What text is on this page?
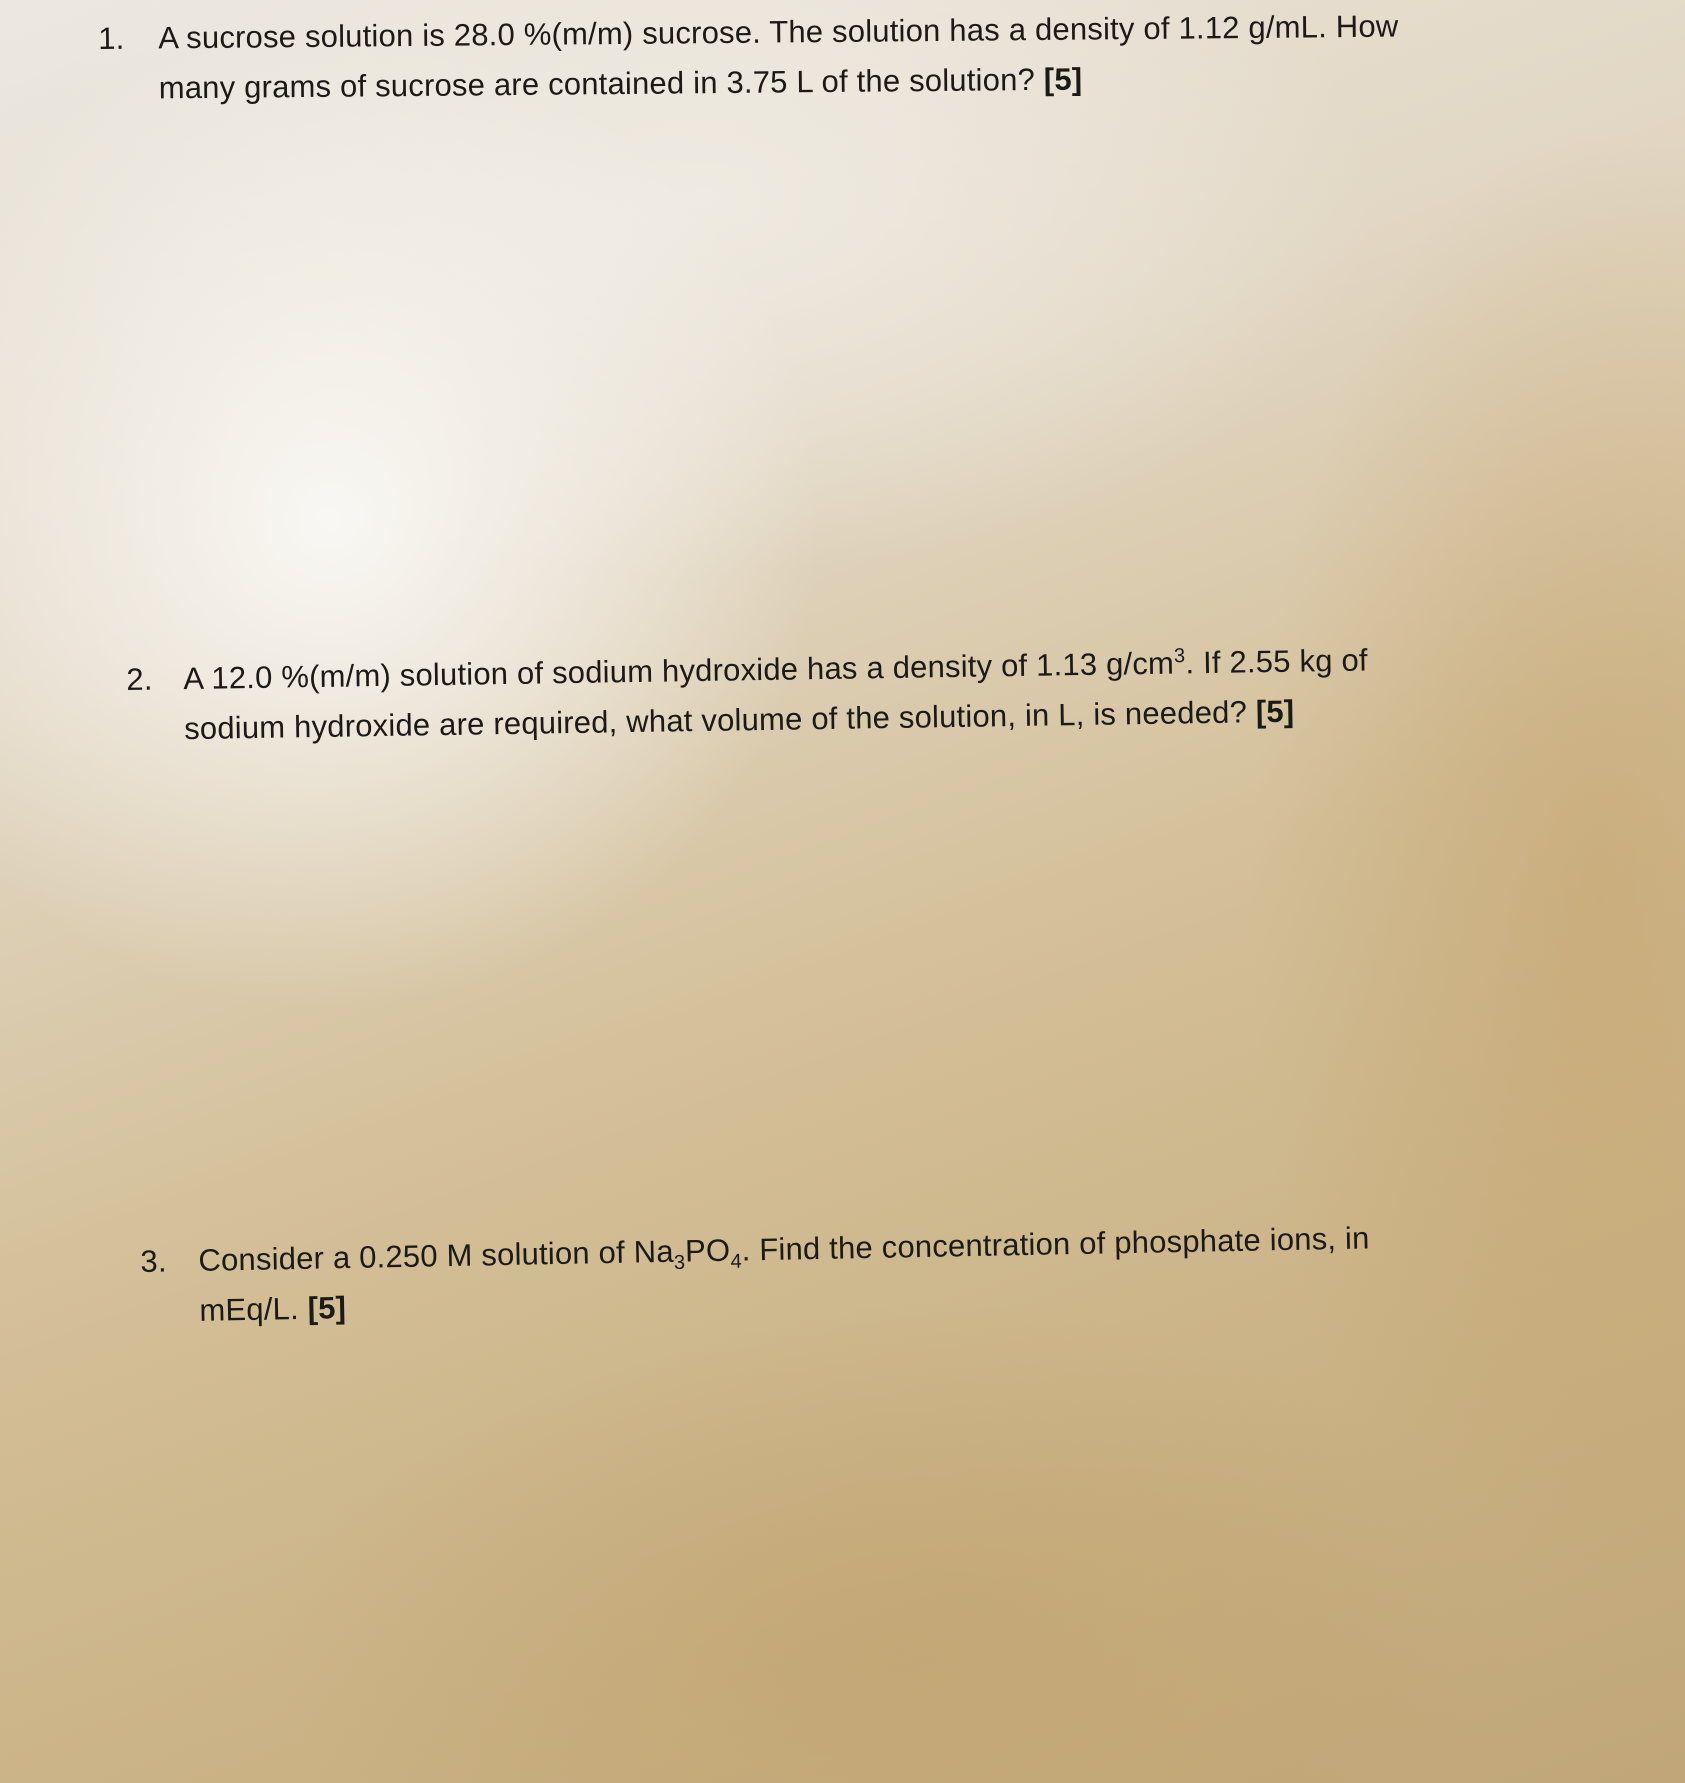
1.	A sucrose solution is 28.0 %(m/m) sucrose. The solution has a density of 1.12 g/mL. How
many grams of sucrose are contained in 3.75 L of the solution? [5]
2. A 12.0 %(m/m) solution of sodium hydroxide has a density of 1.13 $g/cm^3$. If 2.55 kg of
sodium hydroxide are required, what volume of the solution, in L, is needed? [5]
3.	Consider a 0.250 M solution of $Na_3PO_4$. Find the concentration of phosphate ions, in
mEq/L. [5]
